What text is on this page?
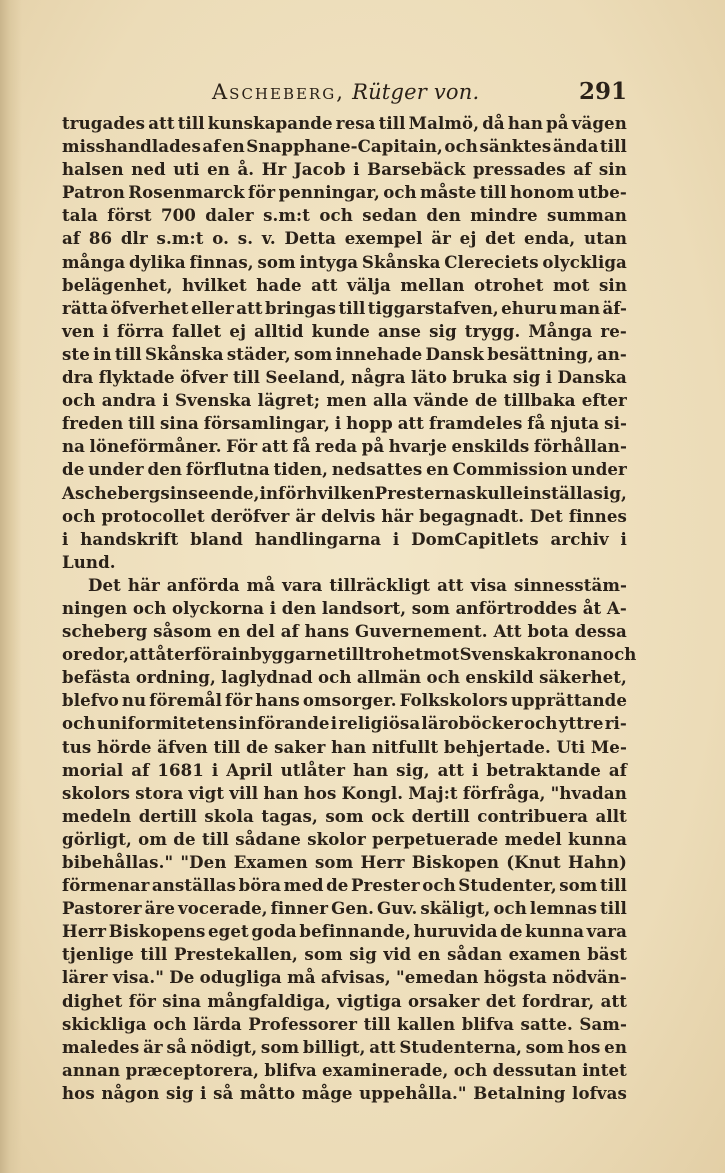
Ascheberg, Rütger von.	291
trugades att till kunskapande resa till Malmö, då han på vägen
misshandlades af en Snapphane-Capitain, och sänktes ända till
halsen ned uti en å. Hr Jacob i Barsebäck pressades af sin
Patron Rosenmarck för penningar, och måste till honom utbe-
tala först 700 daler s.m:t och sedan den mindre summan
af 86 dlr s.m:t o. s. v. Detta exempel är ej det enda, utan
många dylika finnas, som intyga Skånska Clereciets olyckliga
belägenhet, hvilket hade att välja mellan otrohet mot sin
rätta öfverhet eller att bringas till tiggarstafven, ehuru man äf-
ven i förra fallet ej alltid kunde anse sig trygg. Många re-
ste in till Skånska städer, som innehade Dansk besättning, an-
dra flyktade öfver till Seeland, några läto bruka sig i Danska
och andra i Svenska lägret; men alla vände de tillbaka efter
freden till sina församlingar, i hopp att framdeles få njuta si-
na löneförmåner. För att få reda på hvarje enskilds förhållan-
de under den förflutna tiden, nedsattes en Commission under
Aschebergs inseende, inför hvilken Presterna skulle inställa sig,
och protocollet deröfver är delvis här begagnadt. Det finnes
i handskrift bland handlingarna i DomCapitlets archiv i
Lund.
Det här anförda må vara tillräckligt att visa sinnesstäm-
ningen och olyckorna i den landsort, som anförtroddes åt A-
scheberg såsom en del af hans Guvernement. Att bota dessa
oredor, att återföra inbyggarne till trohet mot Svenska kronan och
befästa ordning, laglydnad och allmän och enskild säkerhet,
blefvo nu föremål för hans omsorger. Folkskolors upprättande
och uniformitetens införande i religiösa läroböcker och yttre ri-
tus hörde äfven till de saker han nitfullt behjertade. Uti Me-
morial af 1681 i April utlåter han sig, att i betraktande af
skolors stora vigt vill han hos Kongl. Maj:t förfråga, "hvadan
medeln dertill skola tagas, som ock dertill contribuera allt
görligt, om de till sådane skolor perpetuerade medel kunna
bibehållas." "Den Examen som Herr Biskopen (Knut Hahn)
förmenar anställas böra med de Prester och Studenter, som till
Pastorer äre vocerade, finner Gen. Guv. skäligt, och lemnas till
Herr Biskopens eget goda befinnande, huruvida de kunna vara
tjenlige till Prestekallen, som sig vid en sådan examen bäst
lärer visa." De odugliga må afvisas, "emedan högsta nödvän-
dighet för sina mångfaldiga, vigtiga orsaker det fordrar, att
skickliga och lärda Professorer till kallen blifva satte. Sam-
maledes är så nödigt, som billigt, att Studenterna, som hos en
annan præceptorera, blifva examinerade, och dessutan intet
hos någon sig i så måtto måge uppehålla." Betalning lofvas
